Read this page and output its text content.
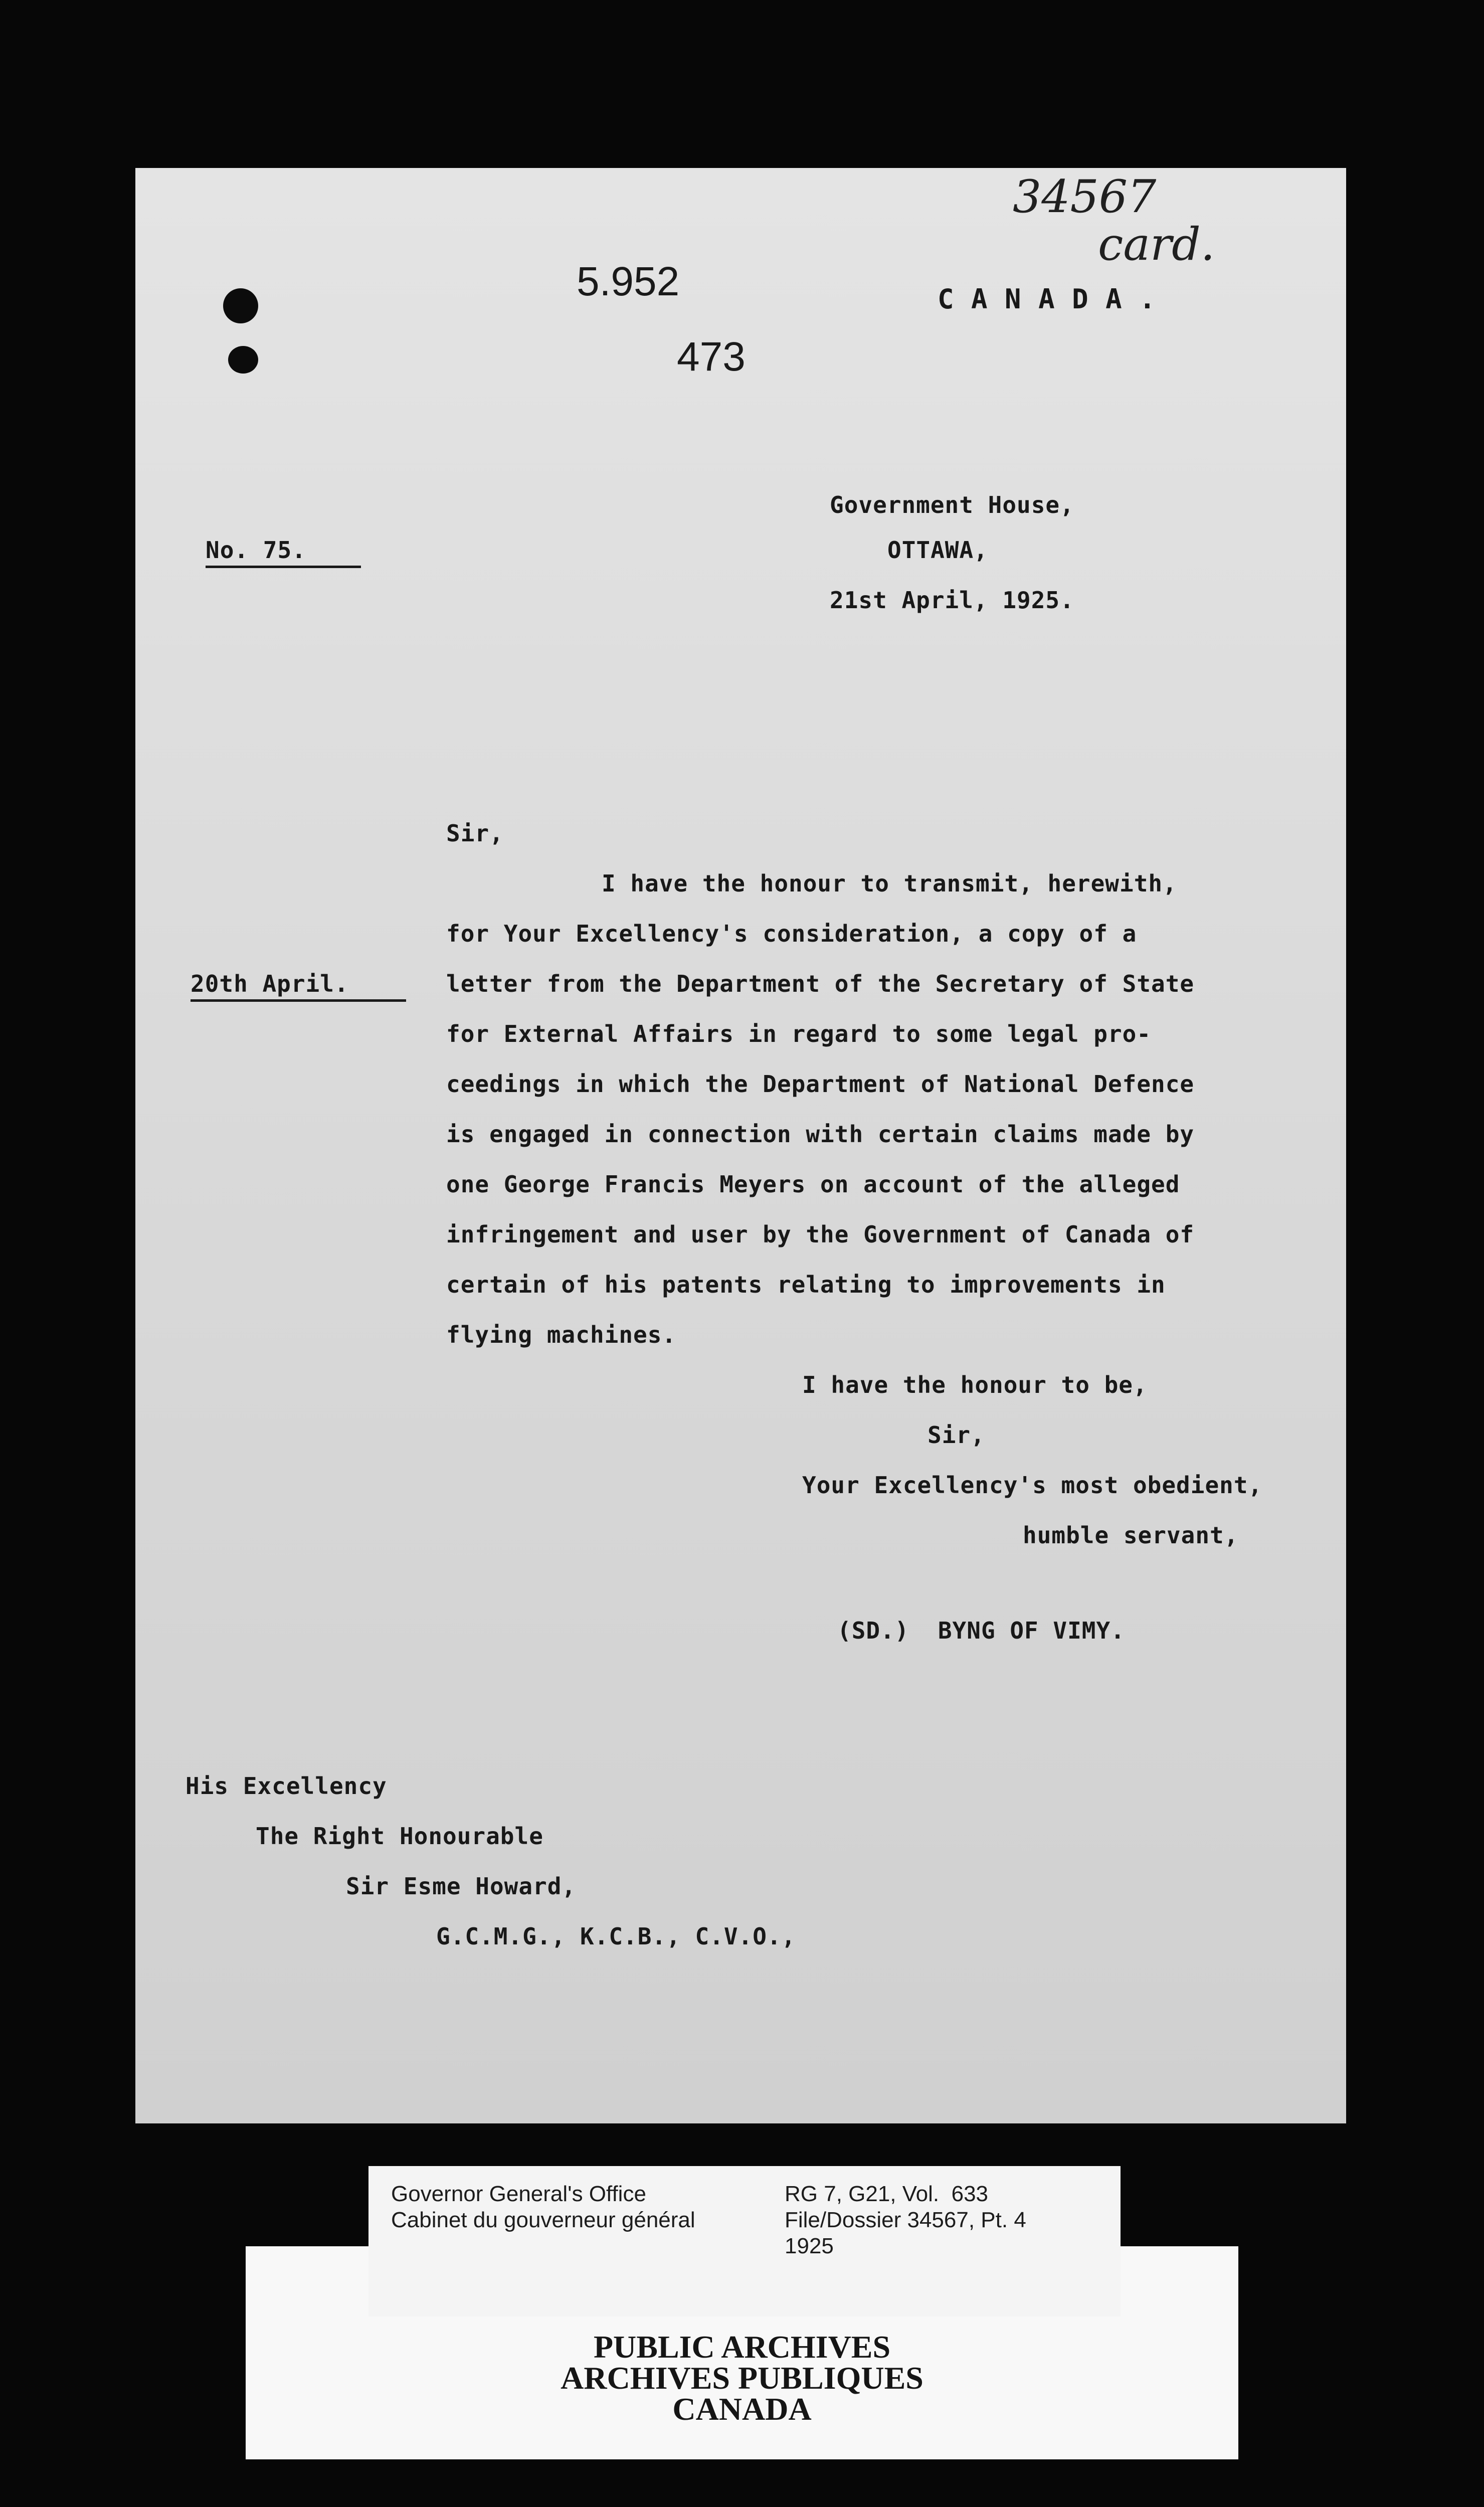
34567
card.
5.952
473
C A N A D A .
No. 75.
Government House,
OTTAWA,
21st April, 1925.
Sir,
20th April.
I have the honour to transmit, herewith,
for Your Excellency's consideration, a copy of a
letter from the Department of the Secretary of State
for External Affairs in regard to some legal pro-
ceedings in which the Department of National Defence
is engaged in connection with certain claims made by
one George Francis Meyers on account of the alleged
infringement and user by the Government of Canada of
certain of his patents relating to improvements in
flying machines.
I have the honour to be,
Sir,
Your Excellency's most obedient,
humble servant,
(SD.)  BYNG OF VIMY.
His Excellency
The Right Honourable
Sir Esme Howard,
G.C.M.G., K.C.B., C.V.O.,
PUBLIC ARCHIVES
ARCHIVES PUBLIQUES
CANADA
Governor General's Office
Cabinet du gouverneur général
RG 7, G21, Vol.  633
File/Dossier 34567, Pt. 4
1925
